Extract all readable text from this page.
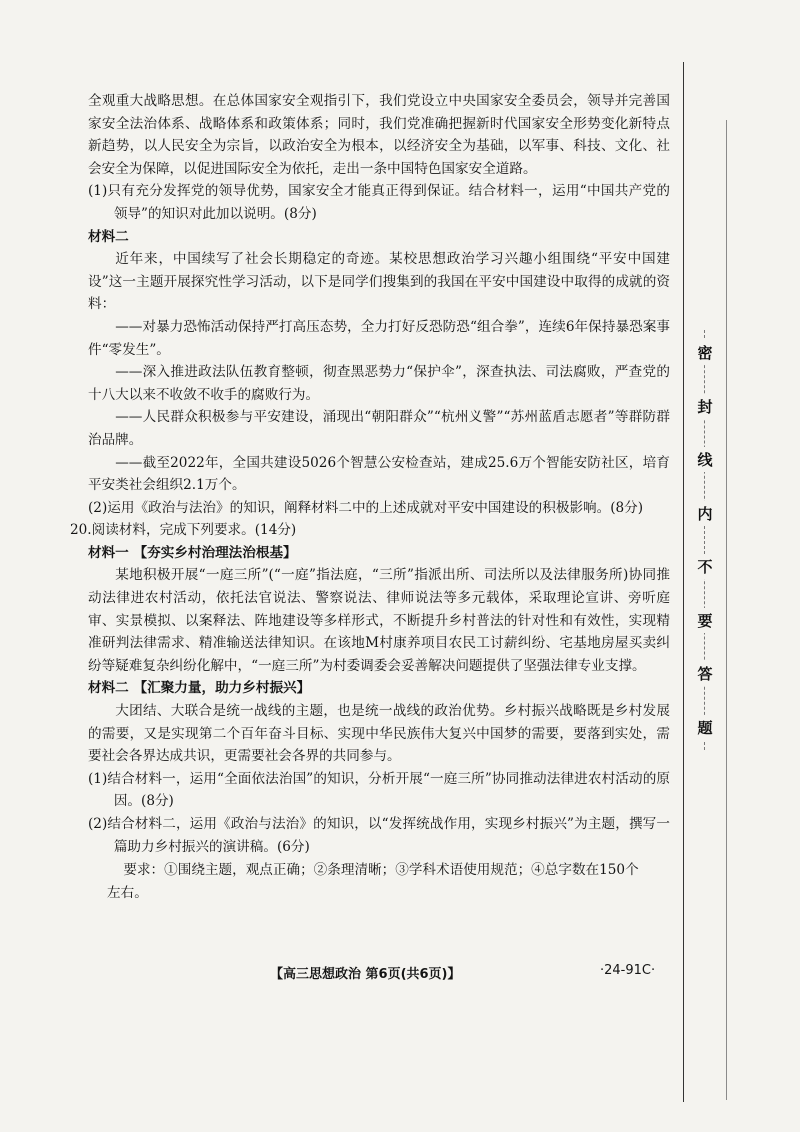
全观重大战略思想。在总体国家安全观指引下，我们党设立中央国家安全委员会，领导并完善国家安全法治体系、战略体系和政策体系；同时，我们党准确把握新时代国家安全形势变化新特点新趋势，以人民安全为宗旨，以政治安全为根本，以经济安全为基础，以军事、科技、文化、社会安全为保障，以促进国际安全为依托，走出一条中国特色国家安全道路。

(1)只有充分发挥党的领导优势，国家安全才能真正得到保证。结合材料一，运用“中国共产党的领导”的知识对此加以说明。(8分)

材料二

近年来，中国续写了社会长期稳定的奇迹。某校思想政治学习兴趣小组围绕“平安中国建设”这一主题开展探究性学习活动，以下是同学们搜集到的我国在平安中国建设中取得的成就的资料：

——对暴力恐怖活动保持严打高压态势，全力打好反恐防恐“组合拳”，连续6年保持暴恐案事件“零发生”。

——深入推进政法队伍教育整顿，彻查黑恶势力“保护伞”，深查执法、司法腐败，严查党的十八大以来不收敛不收手的腐败行为。

——人民群众积极参与平安建设，涌现出“朝阳群众”“杭州义警”“苏州蓝盾志愿者”等群防群治品牌。

——截至2022年，全国共建设5026个智慧公安检查站，建成25.6万个智能安防社区，培育平安类社会组织2.1万个。

(2)运用《政治与法治》的知识，阐释材料二中的上述成就对平安中国建设的积极影响。(8分)

20.阅读材料，完成下列要求。(14分)

材料一 【夯实乡村治理法治根基】

某地积极开展“一庭三所”(“一庭”指法庭，“三所”指派出所、司法所以及法律服务所)协同推动法律进农村活动，依托法官说法、警察说法、律师说法等多元载体，采取理论宣讲、旁听庭审、实景模拟、以案释法、阵地建设等多样形式，不断提升乡村普法的针对性和有效性，实现精准研判法律需求、精准输送法律知识。在该地M村康养项目农民工讨薪纠纷、宅基地房屋买卖纠纷等疑难复杂纠纷化解中，“一庭三所”为村委调委会妥善解决问题提供了坚强法律专业支撑。

材料二 【汇聚力量，助力乡村振兴】

大团结、大联合是统一战线的主题，也是统一战线的政治优势。乡村振兴战略既是乡村发展的需要，又是实现第二个百年奋斗目标、实现中华民族伟大复兴中国梦的需要，要落到实处，需要社会各界达成共识，更需要社会各界的共同参与。

(1)结合材料一，运用“全面依法治国”的知识，分析开展“一庭三所”协同推动法律进农村活动的原因。(8分)

(2)结合材料二，运用《政治与法治》的知识，以“发挥统战作用，实现乡村振兴”为主题，撰写一篇助力乡村振兴的演讲稿。(6分)

要求：①围绕主题，观点正确；②条理清晰；③学科术语使用规范；④总字数在150个

左右。

密
封
线
内
不
要
答
题
【高三思想政治 第6页(共6页)】	·24-91C·
